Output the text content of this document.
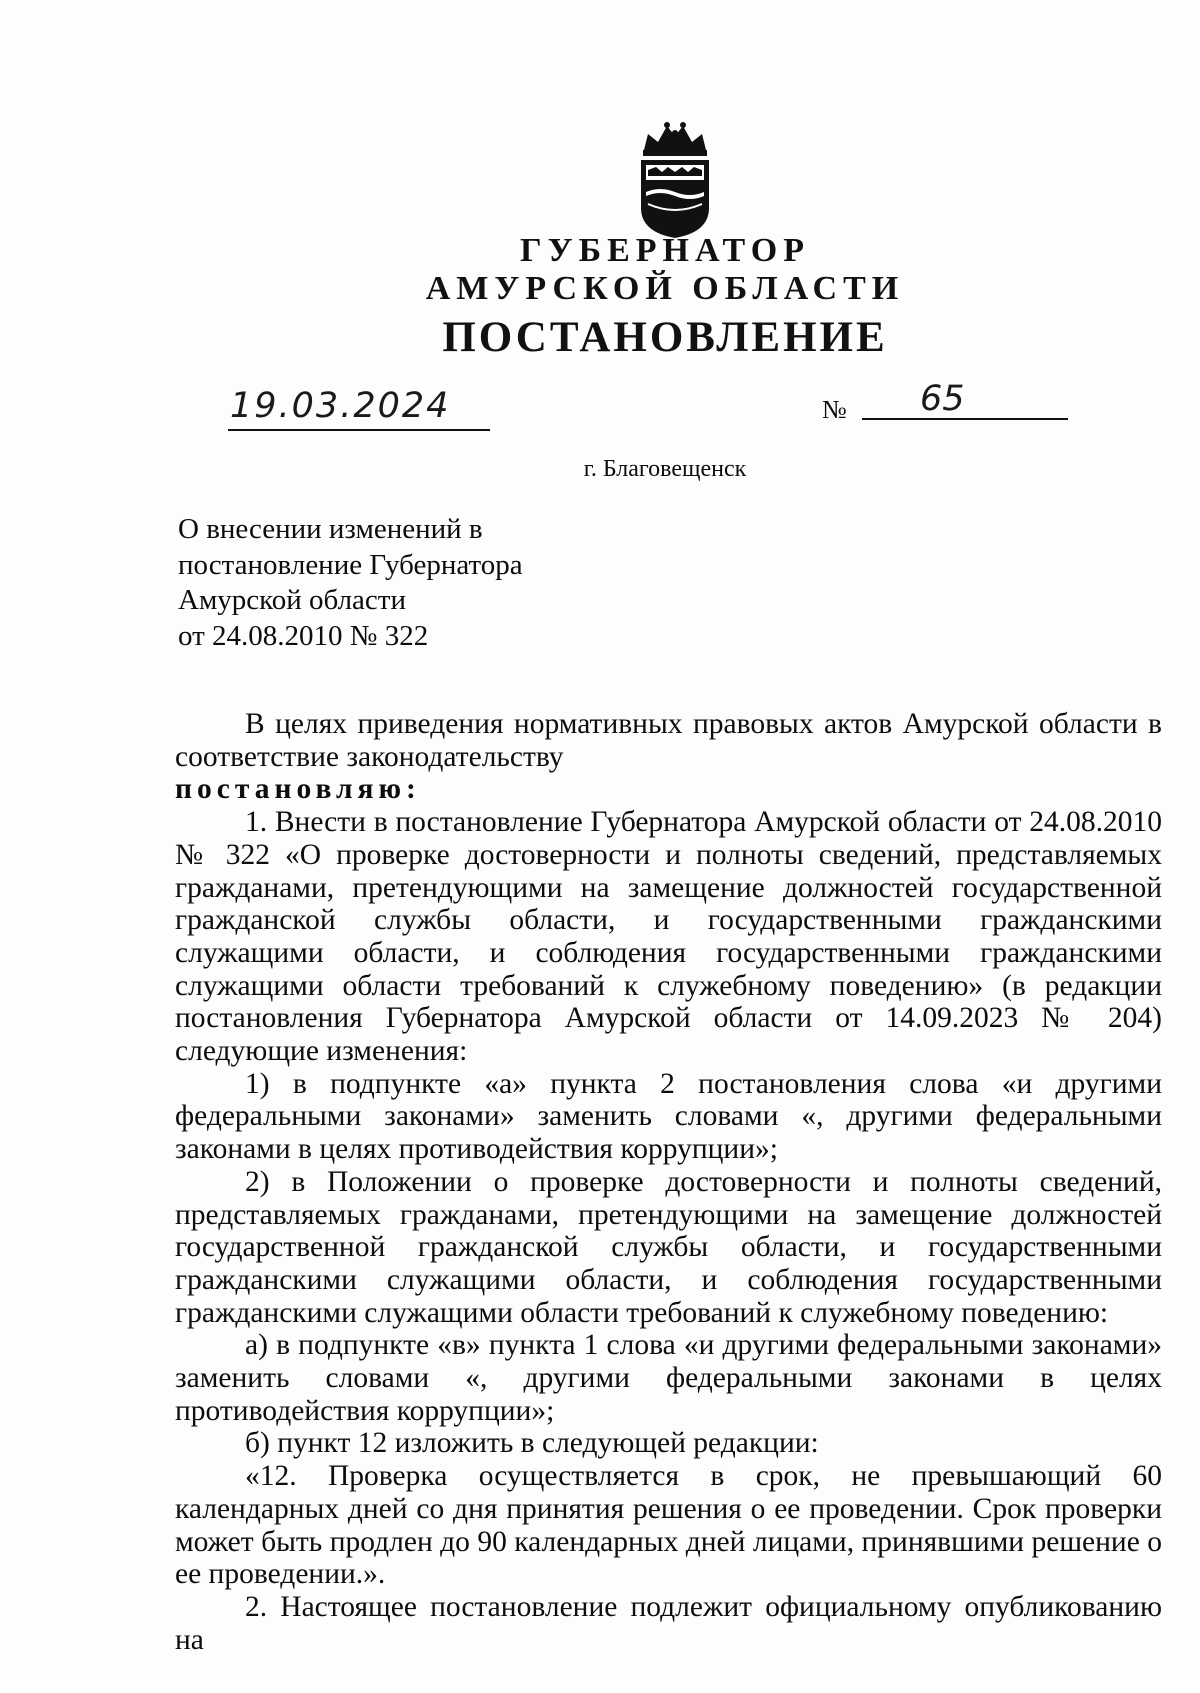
ГУБЕРНАТОР
АМУРСКОЙ ОБЛАСТИ
ПОСТАНОВЛЕНИЕ
19.03.2024	№ 65
г. Благовещенск
О внесении изменений в
постановление Губернатора
Амурской области
от 24.08.2010 № 322

В целях приведения нормативных правовых актов Амурской области в соответствие законодательству

постановляю:

1. Внести в постановление Губернатора Амурской области от 24.08.2010 № 322 «О проверке достоверности и полноты сведений, представляемых гражданами, претендующими на замещение должностей государственной гражданской службы области, и государственными гражданскими служащими области, и соблюдения государственными гражданскими служащими области требований к служебному поведению» (в редакции постановления Губернатора Амурской области от 14.09.2023 № 204) следующие изменения:

1) в подпункте «а» пункта 2 постановления слова «и другими федеральными законами» заменить словами «, другими федеральными законами в целях противодействия коррупции»;

2) в Положении о проверке достоверности и полноты сведений, представляемых гражданами, претендующими на замещение должностей государственной гражданской службы области, и государственными гражданскими служащими области, и соблюдения государственными гражданскими служащими области требований к служебному поведению:

а) в подпункте «в» пункта 1 слова «и другими федеральными законами» заменить словами «, другими федеральными законами в целях противодействия коррупции»;

б) пункт 12 изложить в следующей редакции:

«12. Проверка осуществляется в срок, не превышающий 60 календарных дней со дня принятия решения о ее проведении. Срок проверки может быть продлен до 90 календарных дней лицами, принявшими решение о ее проведении.».

2. Настоящее постановление подлежит официальному опубликованию на
